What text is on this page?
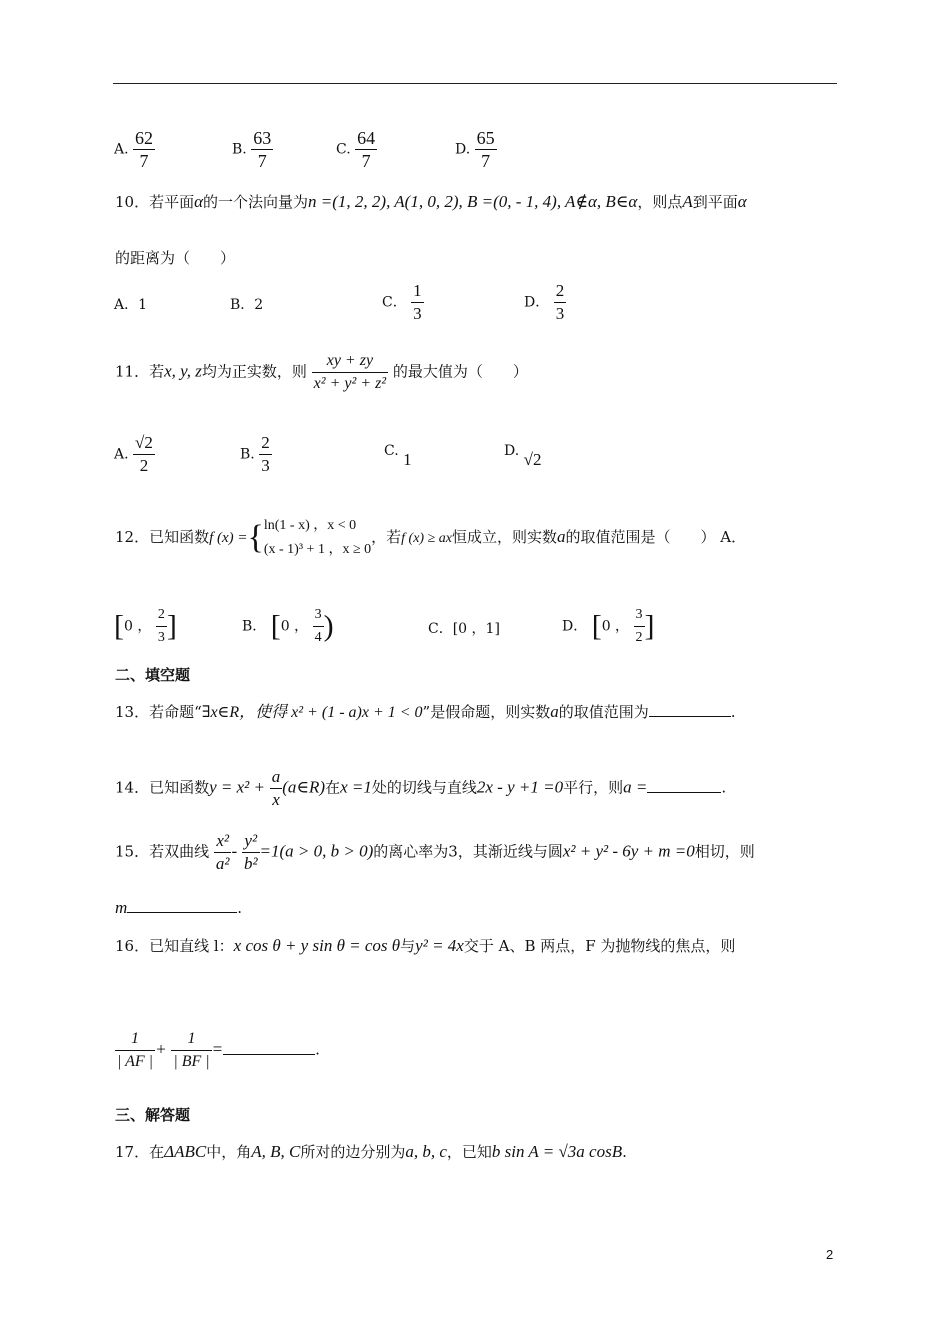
A. $\frac{62}{7}$	B. $\frac{63}{7}$	C. $\frac{64}{7}$	D. $\frac{65}{7}$
10．若平面α的一个法向量为n =(1, 2, 2), A(1, 0, 2), B =(0, - 1, 4), A∉α, B∈α，则点A到平面α
的距离为（　　）
A．1	B．2	C． $\frac{1}{3}$	D． $\frac{2}{3}$
11．若x, y, z均为正实数，则 $\frac{xy + zy}{\text{x² + y² + z²}}$ 的最大值为（　　）
A. $\frac{√2}{2}$	B. $\frac{2}{3}$	C. 1	D. √2
12．已知函数f (x) ={ ln(1 - x) ，x < 0
(x - 1)³ + 1 ，x ≥ 0
，若f (x) ≥ ax恒成立，则实数a的取值范围是（　　） A．
[0 ， $\frac{2}{3}$ ]	B． [0 ， $\frac{3}{4}$ )	C．[0 ，1]	D． [0 ， $\frac{3}{2}$ ]
二、填空题
13．若命题“∃x∈R，使得 x² + (1 - a)x + 1 < 0”是假命题，则实数a的取值范围为	.
14．已知函数$y = x^2 + \frac{a}{x}$ (a∈R)在x =1处的切线与直线2x - y +1 =0平行，则a =	.
15．若双曲线 $\frac{\text{x²}}{\text{a²}} - \frac{\text{y²}}{\text{b²}} =1(a > 0$, b > 0)的离心率为3，其渐近线与圆x² + y² - 6y + m =0相切，则
m	.
16．已知直线 l：x cos θ + y sin θ = cos θ与y² = 4x交于 A、B 两点，F 为抛物线的焦点，则
$\frac{1}{| AF |} + \frac{1}{| BF |}$ =	.
三、解答题
17．在ΔABC中，角A, B, C所对的边分别为a, b, c，已知b sin A = √3a cosB.
2
